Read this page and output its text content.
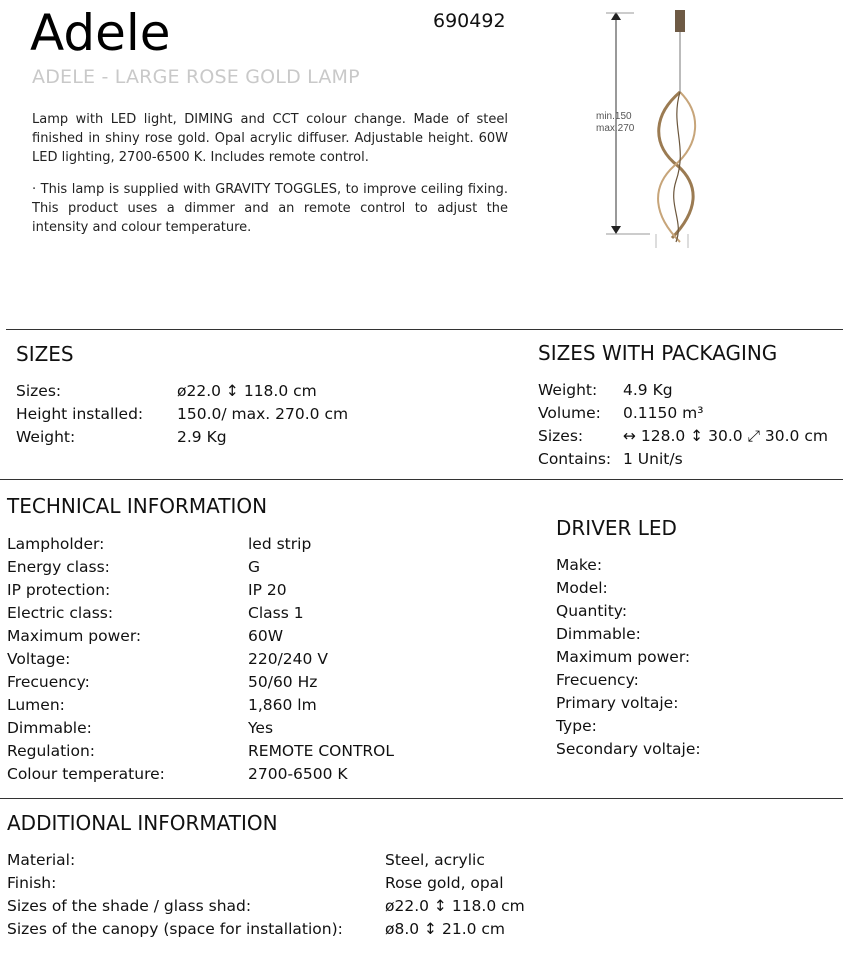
Adele	690492
ADELE - LARGE ROSE GOLD LAMP
Lamp with LED light, DIMING and CCT colour change. Made of steel finished in shiny rose gold. Opal acrylic diffuser. Adjustable height. 60W LED lighting, 2700-6500 K. Includes remote control.
· This lamp is supplied with GRAVITY TOGGLES, to improve ceiling fixing. This product uses a dimmer and an remote control to adjust the intensity and colour temperature.
min.150
max.270
SIZES
Sizes:	ø22.0 ↕ 118.0 cm
Height installed: 150.0/ max. 270.0 cm
Weight:	2.9 Kg
SIZES WITH PACKAGING
Weight: 4.9 Kg
Volume: 0.1150 m³
Sizes:	↔ 128.0 ↕ 30.0 ⤢ 30.0 cm
Contains: 1 Unit/s
TECHNICAL INFORMATION
Lampholder:	led strip
Energy class:	G
IP protection:	IP 20
Electric class:	Class 1
Maximum power:	60W
Voltage:	220/240 V
Frecuency:	50/60 Hz
Lumen:	1,860 lm
Dimmable:	Yes
Regulation:	REMOTE CONTROL
Colour temperature:	2700-6500 K
DRIVER LED
Make:
Model:
Quantity:
Dimmable:
Maximum power:
Frecuency:
Primary voltaje:
Type:
Secondary voltaje:
ADDITIONAL INFORMATION
Material:	Steel, acrylic
Finish:	Rose gold, opal
Sizes of the shade / glass shad:	ø22.0 ↕ 118.0 cm
Sizes of the canopy (space for installation):	ø8.0 ↕ 21.0 cm
